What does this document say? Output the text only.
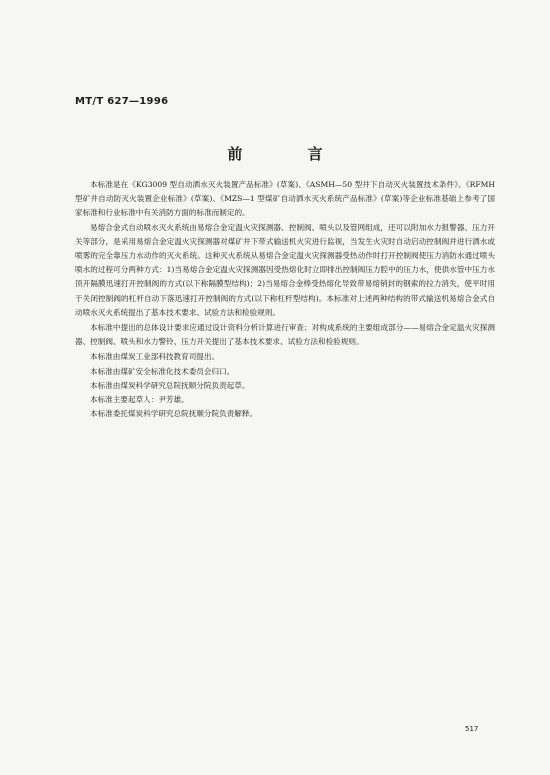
MT/T 627—1996
前 言

本标准是在《KG3009 型自动洒水灭火装置产品标准》(草案)、《ASMH—50 型井下自动灭火装置技术条件》、《RFMH 型矿井自动防灭火装置企业标准》(草案)、《MZS—1 型煤矿自动洒水灭火系统产品标准》(草案)等企业标准基础上参考了国家标准和行业标准中有关消防方面的标准而制定的。

易熔合金式自动喷水灭火系统由易熔合金定温火灾探测器、控制阀、喷头以及管网组成，还可以附加水力报警器、压力开关等部分，是采用易熔合金定温火灾探测器对煤矿井下带式输送机火灾进行监视，当发生火灾时自动启动控制阀并进行洒水或喷雾的完全靠压力水动作的灭火系统。这种灭火系统从易熔合金定温火灾探测器受热动作时打开控制阀使压力消防水通过喷头喷水的过程可分两种方式：1)当易熔合金定温火灾探测器因受热熔化时立即排出控制阀压力腔中的压力水，使供水管中压力水顶开隔膜迅速打开控制阀的方式(以下称隔膜型结构)；2)当易熔合金棒受热熔化导致带易熔销封的钢索的拉力消失，使平时用于关闭控制阀的杠杆自动下落迅速打开控制阀的方式(以下称杠杆型结构)。本标准对上述两种结构的带式输送机易熔合金式自动喷水灭火系统提出了基本技术要求、试验方法和检验规则。

本标准中提出的总体设计要求应通过设计资料分析计算进行审查；对构成系统的主要组成部分——易熔合金定温火灾探测器、控制阀、喷头和水力警铃、压力开关提出了基本技术要求、试验方法和检验规则。

本标准由煤炭工业部科技教育司提出。

本标准由煤矿安全标准化技术委员会归口。

本标准由煤炭科学研究总院抚顺分院负责起草。

本标准主要起草人：尹芳雄。

本标准委托煤炭科学研究总院抚顺分院负责解释。

517
